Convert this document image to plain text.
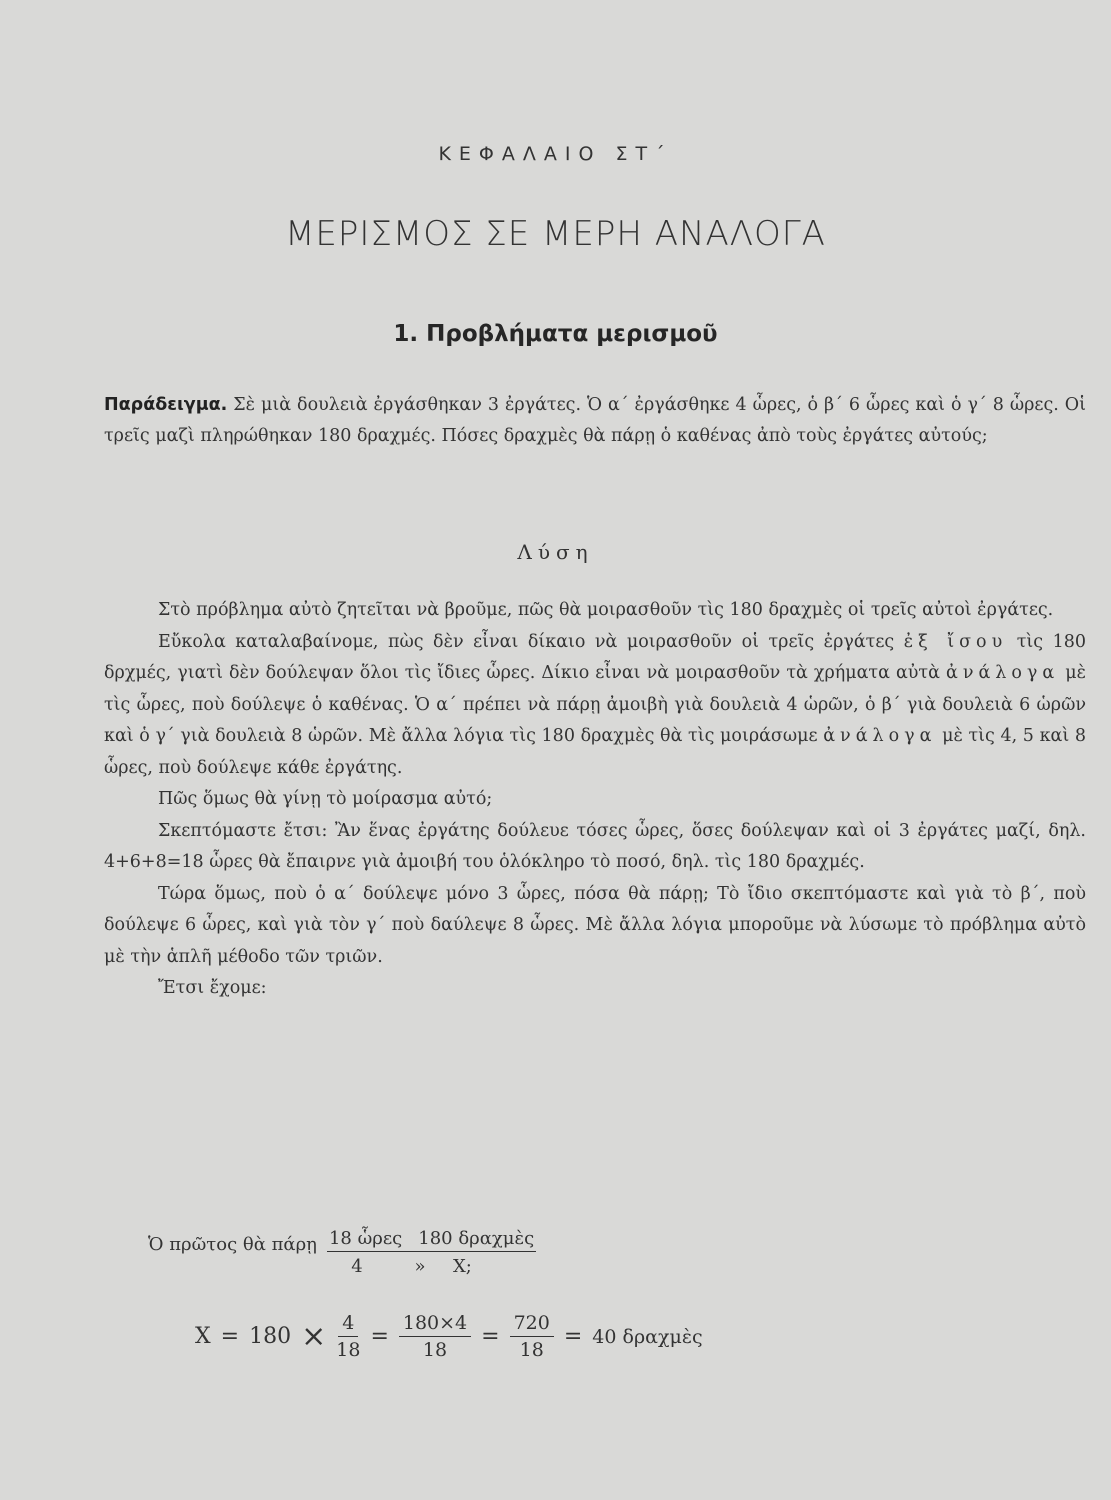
ΚΕΦΑΛΑΙΟ ΣΤ΄
ΜΕΡΙΣΜΟΣ ΣΕ ΜΕΡΗ ΑΝΑΛΟΓΑ
1. Προβλήματα μερισμοῦ
Παράδειγμα. Σὲ μιὰ δουλειὰ ἐργάσθηκαν 3 ἐργάτες. Ὁ α΄ ἐργάσθηκε 4 ὧρες, ὁ β΄ 6 ὧρες καὶ ὁ γ΄ 8 ὧρες. Οἱ τρεῖς μαζὶ πληρώθηκαν 180 δραχμές. Πόσες δραχμὲς θὰ πάρῃ ὁ καθένας ἀπὸ τοὺς ἐργάτες αὐτούς;
Λύση

Στὸ πρόβλημα αὐτὸ ζητεῖται νὰ βροῦμε, πῶς θὰ μοιρασθοῦν τὶς 180 δραχμὲς οἱ τρεῖς αὐτοὶ ἐργάτες.

Εὔκολα καταλαβαίνομε, πὼς δὲν εἶναι δίκαιο νὰ μοιρασθοῦν οἱ τρεῖς ἐργάτες ἐξ ἴσου τὶς 180 δρχμές, γιατὶ δὲν δούλεψαν ὅλοι τὶς ἴδιες ὧρες. Δίκιο εἶναι νὰ μοιρασθοῦν τὰ χρήματα αὐτὰ ἀνάλογα μὲ τὶς ὧρες, ποὺ δούλεψε ὁ καθένας. Ὁ α΄ πρέπει νὰ πάρῃ ἀμοιβὴ γιὰ δουλειὰ 4 ὡρῶν, ὁ β΄ γιὰ δουλειὰ 6 ὡρῶν καὶ ὁ γ΄ γιὰ δουλειὰ 8 ὡρῶν. Μὲ ἄλλα λόγια τὶς 180 δραχμὲς θὰ τὶς μοιράσωμε ἀνάλογα μὲ τὶς 4, 5 καὶ 8 ὧρες, ποὺ δούλεψε κάθε ἐργάτης.

Πῶς ὅμως θὰ γίνῃ τὸ μοίρασμα αὐτό;

Σκεπτόμαστε ἔτσι: Ἂν ἕνας ἐργάτης δούλευε τόσες ὧρες, ὅσες δούλεψαν καὶ οἱ 3 ἐργάτες μαζί, δηλ. 4+6+8=18 ὧρες θὰ ἔπαιρνε γιὰ ἀμοιβή του ὁλόκληρο τὸ ποσό, δηλ. τὶς 180 δραχμές.

Τώρα ὅμως, ποὺ ὁ α΄ δούλεψε μόνο 3 ὧρες, πόσα θὰ πάρῃ; Τὸ ἴδιο σκεπτόμαστε καὶ γιὰ τὸ β΄, ποὺ δούλεψε 6 ὧρες, καὶ γιὰ τὸν γ΄ ποὺ δαύλεψε 8 ὧρες. Μὲ ἄλλα λόγια μποροῦμε νὰ λύσωμε τὸ πρόβλημα αὐτὸ μὲ τὴν ἁπλῆ μέθοδο τῶν τριῶν.

Ἔτσι ἔχομε:

Ὁ πρῶτος θὰ πάρῃ 18 ὧρες 180 δραχμὲς
4	»	Χ;
$X = 180 \times \frac{4}{18} = \frac{180\times 4}{18} = \frac{720}{18} = 40$ δραχμὲς
